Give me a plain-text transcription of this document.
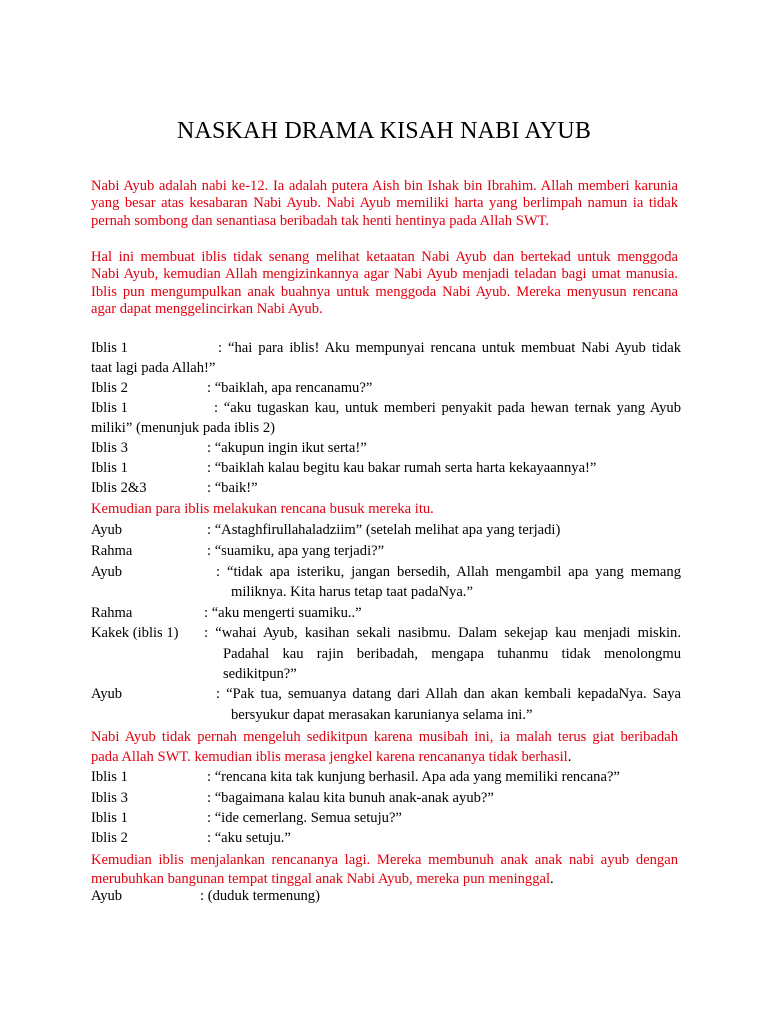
NASKAH DRAMA KISAH NABI AYUB
Nabi Ayub adalah nabi ke-12. Ia adalah putera Aish bin Ishak bin Ibrahim. Allah memberi karunia
yang besar atas kesabaran Nabi Ayub. Nabi Ayub memiliki harta yang berlimpah namun ia tidak
pernah sombong dan senantiasa beribadah tak henti hentinya pada Allah SWT.
Hal ini membuat iblis tidak senang melihat ketaatan Nabi Ayub dan bertekad untuk menggoda
Nabi Ayub, kemudian Allah mengizinkannya agar Nabi Ayub menjadi teladan bagi umat manusia.
Iblis pun mengumpulkan anak buahnya untuk menggoda Nabi Ayub. Mereka menyusun rencana
agar dapat menggelincirkan Nabi Ayub.
Iblis 1	: “hai para iblis! Aku mempunyai rencana untuk membuat Nabi Ayub tidak
taat lagi pada Allah!”
Iblis 2	: “baiklah, apa rencanamu?”
Iblis 1	: “aku tugaskan kau, untuk memberi penyakit pada hewan ternak yang Ayub
miliki” (menunjuk pada iblis 2)
Iblis 3	: “akupun ingin ikut serta!”
Iblis 1	: “baiklah kalau begitu kau bakar rumah serta harta kekayaannya!”
Iblis 2&3	: “baik!”
Kemudian para iblis melakukan rencana busuk mereka itu.
Ayub	: “Astaghfirullahaladziim” (setelah melihat apa yang terjadi)
Rahma	: “suamiku, apa yang terjadi?”
Ayub	: “tidak apa isteriku, jangan bersedih, Allah mengambil apa yang memang
miliknya. Kita harus tetap taat padaNya.”
Rahma	: “aku mengerti suamiku..”
Kakek (iblis 1) : “wahai Ayub, kasihan sekali nasibmu. Dalam sekejap kau menjadi miskin.
Padahal kau rajin beribadah, mengapa tuhanmu tidak menolongmu
sedikitpun?”
Ayub	: “Pak tua, semuanya datang dari Allah dan akan kembali kepadaNya. Saya
bersyukur dapat merasakan karunianya selama ini.”
Nabi Ayub tidak pernah mengeluh sedikitpun karena musibah ini, ia malah terus giat beribadah
pada Allah SWT. kemudian iblis merasa jengkel karena rencananya tidak berhasil.
Iblis 1	: “rencana kita tak kunjung berhasil. Apa ada yang memiliki rencana?”
Iblis 3	: “bagaimana kalau kita bunuh anak-anak ayub?”
Iblis 1	: “ide cemerlang. Semua setuju?”
Iblis 2	: “aku setuju.”
Kemudian iblis menjalankan rencananya lagi. Mereka membunuh anak anak nabi ayub dengan
merubuhkan bangunan tempat tinggal anak Nabi Ayub, mereka pun meninggal.
Ayub	: (duduk termenung)
